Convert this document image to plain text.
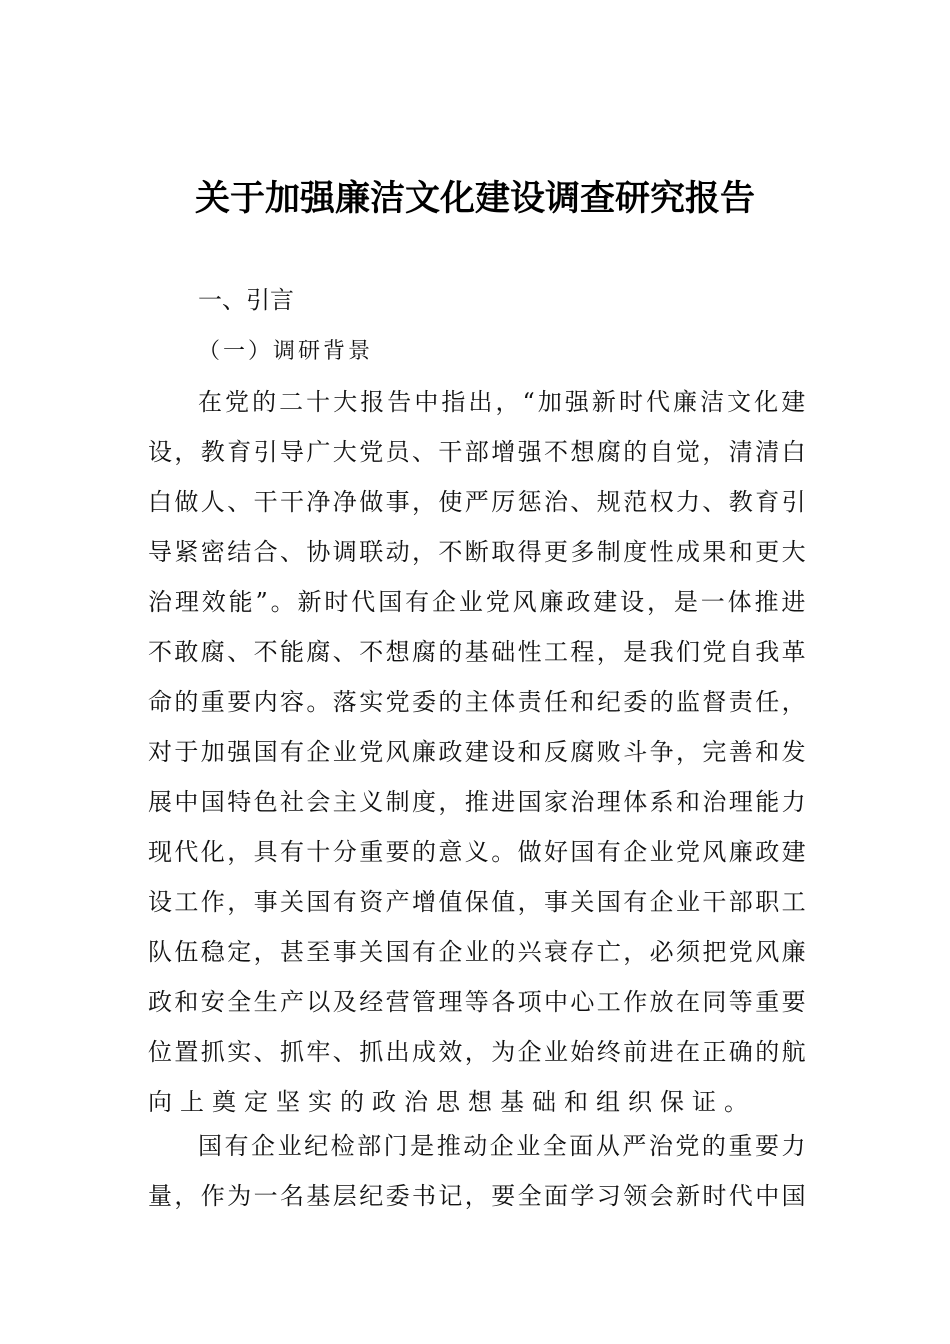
关于加强廉洁文化建设调查研究报告
一、引言
（一）调研背景
在党的二十大报告中指出，“加强新时代廉洁文化建
设，教育引导广大党员、干部增强不想腐的自觉，清清白
白做人、干干净净做事，使严厉惩治、规范权力、教育引
导紧密结合、协调联动，不断取得更多制度性成果和更大
治理效能”。新时代国有企业党风廉政建设，是一体推进
不敢腐、不能腐、不想腐的基础性工程，是我们党自我革
命的重要内容。落实党委的主体责任和纪委的监督责任，
对于加强国有企业党风廉政建设和反腐败斗争，完善和发
展中国特色社会主义制度，推进国家治理体系和治理能力
现代化，具有十分重要的意义。做好国有企业党风廉政建
设工作，事关国有资产增值保值，事关国有企业干部职工
队伍稳定，甚至事关国有企业的兴衰存亡，必须把党风廉
政和安全生产以及经营管理等各项中心工作放在同等重要
位置抓实、抓牢、抓出成效，为企业始终前进在正确的航
向上奠定坚实的政治思想基础和组织保证。
国有企业纪检部门是推动企业全面从严治党的重要力
量，作为一名基层纪委书记，要全面学习领会新时代中国
